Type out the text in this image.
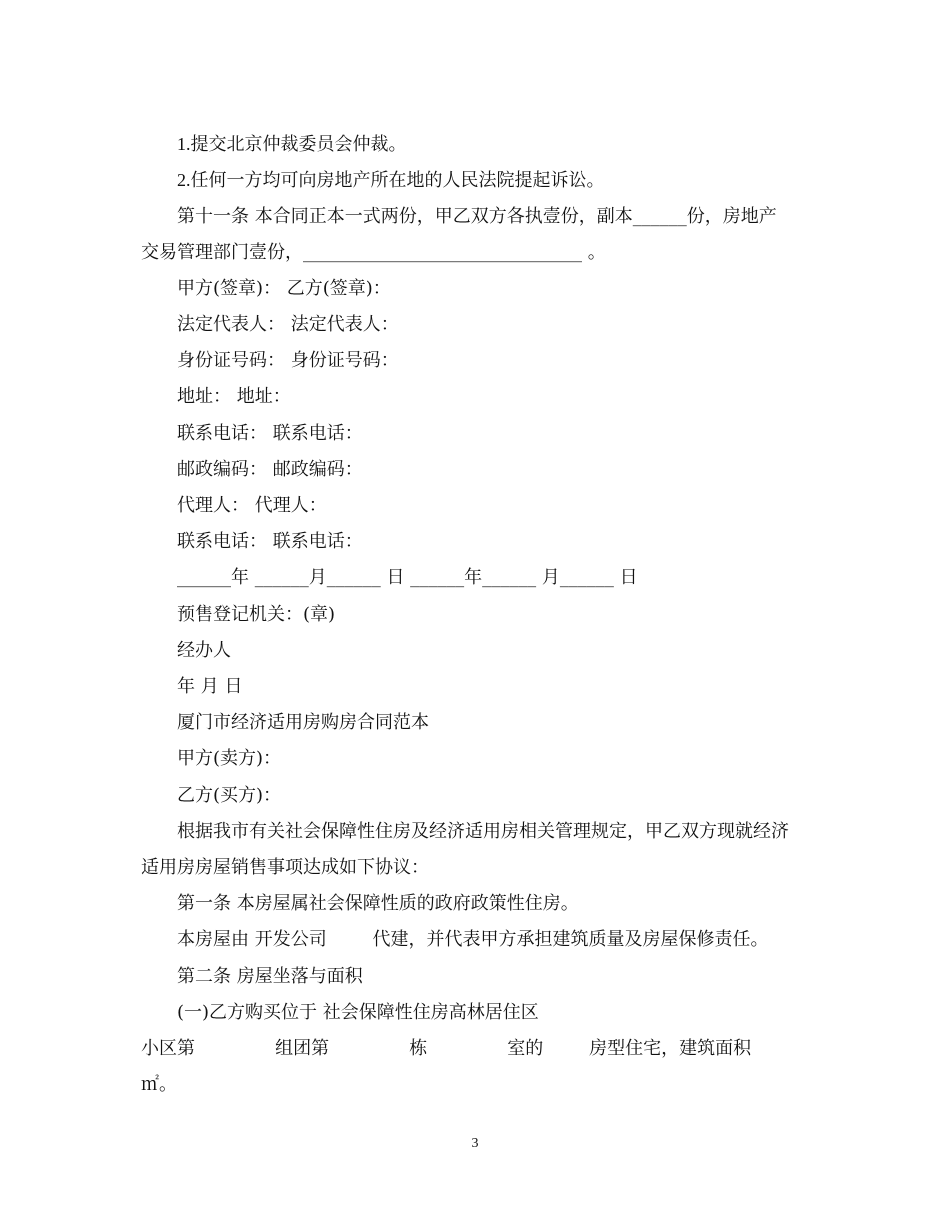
1.提交北京仲裁委员会仲裁。
2.任何一方均可向房地产所在地的人民法院提起诉讼。
第十一条 本合同正本一式两份，甲乙双方各执壹份，副本______份，房地产
交易管理部门壹份，_______________________________ 。
甲方(签章)： 乙方(签章)：
法定代表人： 法定代表人：
身份证号码： 身份证号码：
地址： 地址：
联系电话： 联系电话：
邮政编码： 邮政编码：
代理人： 代理人：
联系电话： 联系电话：
______年 ______月______ 日 ______年______ 月______ 日
预售登记机关：(章)
经办人
年 月 日
厦门市经济适用房购房合同范本
甲方(卖方)：
乙方(买方)：
根据我市有关社会保障性住房及经济适用房相关管理规定，甲乙双方现就经济
适用房房屋销售事项达成如下协议：
第一条 本房屋属社会保障性质的政府政策性住房。
本房屋由 开发公司        代建，并代表甲方承担建筑质量及房屋保修责任。
第二条 房屋坐落与面积
(一)乙方购买位于 社会保障性住房高林居住区
小区第              组团第              栋              室的        房型住宅，建筑面积
㎡。
3
